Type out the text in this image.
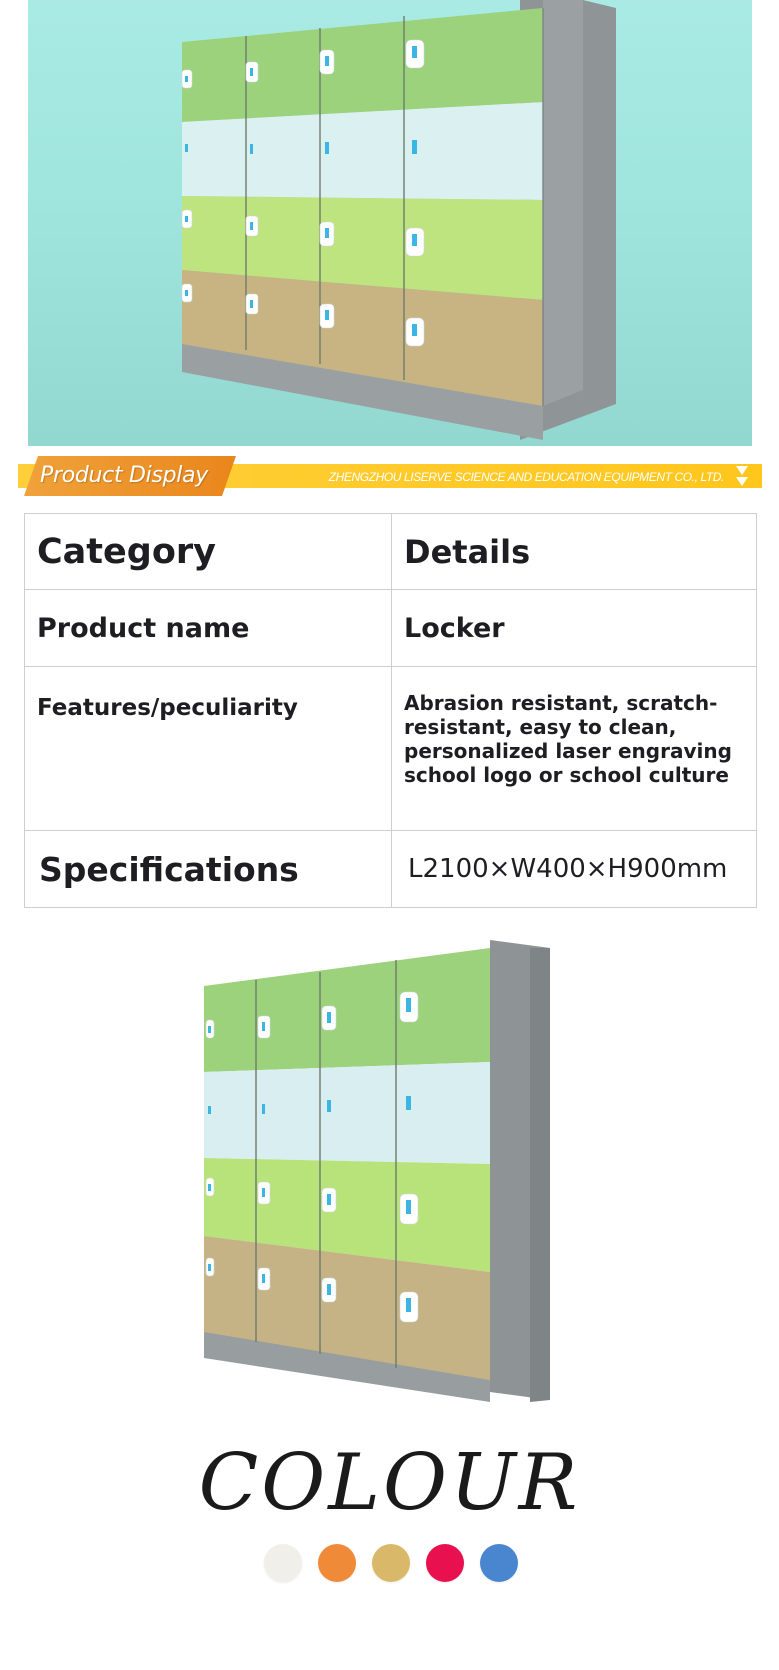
Product Display	ZHENGZHOU LISERVE SCIENCE AND EDUCATION EQUIPMENT CO., LTD.
Category	Details
Product name	Locker
Features/peculiarity	Abrasion resistant, scratch-resistant, easy to clean, personalized laser engraving school logo or school culture
Specifications	L2100×W400×H900mm
COLOUR
